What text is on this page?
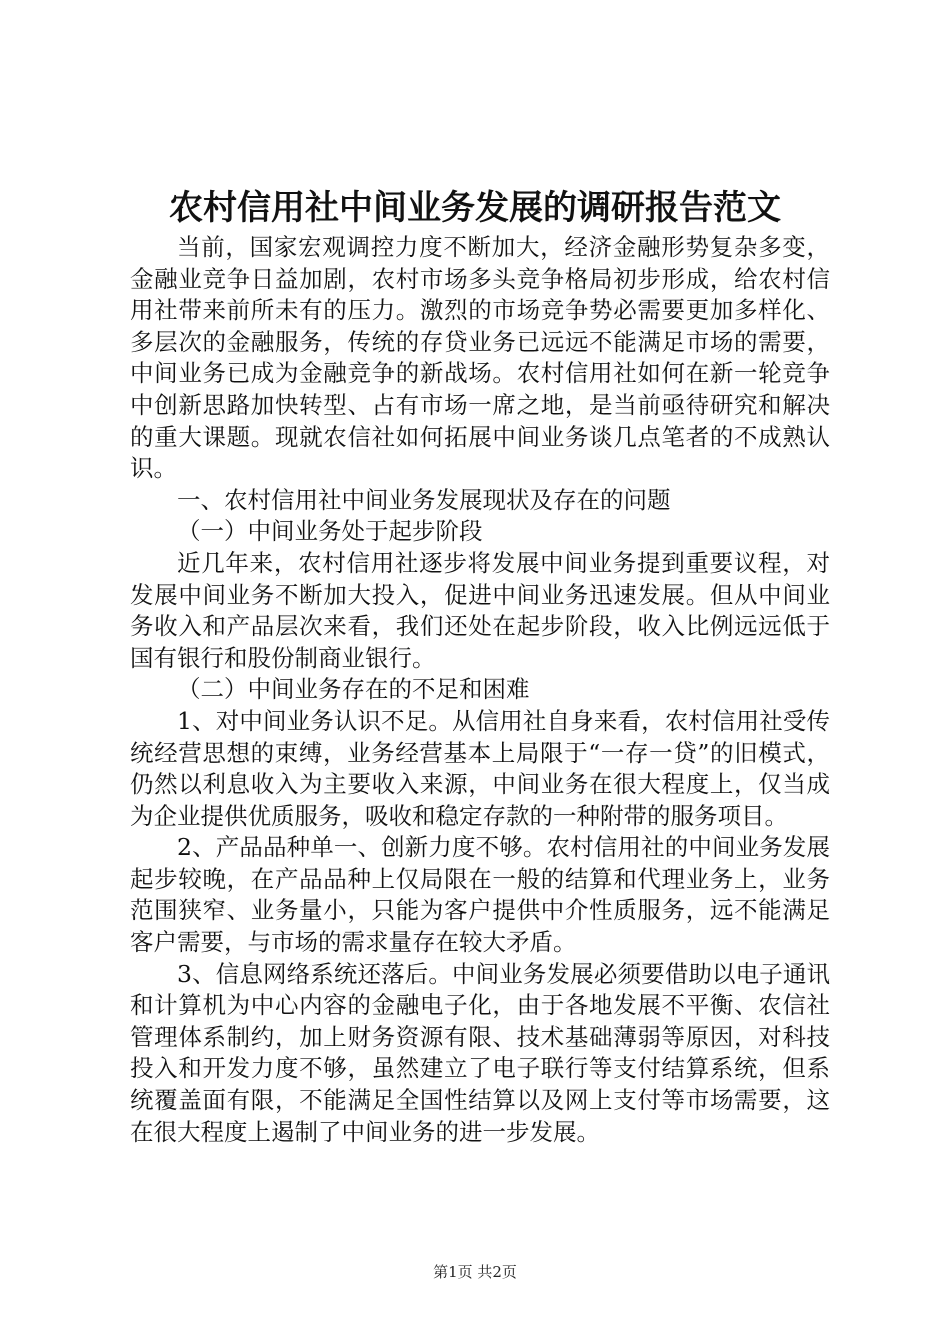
农村信用社中间业务发展的调研报告范文

当前，国家宏观调控力度不断加大，经济金融形势复杂多变，金融业竞争日益加剧，农村市场多头竞争格局初步形成，给农村信用社带来前所未有的压力。激烈的市场竞争势必需要更加多样化、多层次的金融服务，传统的存贷业务已远远不能满足市场的需要，中间业务已成为金融竞争的新战场。农村信用社如何在新一轮竞争中创新思路加快转型、占有市场一席之地，是当前亟待研究和解决的重大课题。现就农信社如何拓展中间业务谈几点笔者的不成熟认识。

一、农村信用社中间业务发展现状及存在的问题

（一）中间业务处于起步阶段

近几年来，农村信用社逐步将发展中间业务提到重要议程，对发展中间业务不断加大投入，促进中间业务迅速发展。但从中间业务收入和产品层次来看，我们还处在起步阶段，收入比例远远低于国有银行和股份制商业银行。

（二）中间业务存在的不足和困难

1、对中间业务认识不足。从信用社自身来看，农村信用社受传统经营思想的束缚，业务经营基本上局限于“一存一贷”的旧模式，仍然以利息收入为主要收入来源，中间业务在很大程度上，仅当成为企业提供优质服务，吸收和稳定存款的一种附带的服务项目。

2、产品品种单一、创新力度不够。农村信用社的中间业务发展起步较晚，在产品品种上仅局限在一般的结算和代理业务上，业务范围狭窄、业务量小，只能为客户提供中介性质服务，远不能满足客户需要，与市场的需求量存在较大矛盾。

3、信息网络系统还落后。中间业务发展必须要借助以电子通讯和计算机为中心内容的金融电子化，由于各地发展不平衡、农信社管理体系制约，加上财务资源有限、技术基础薄弱等原因，对科技投入和开发力度不够，虽然建立了电子联行等支付结算系统，但系统覆盖面有限，不能满足全国性结算以及网上支付等市场需要，这在很大程度上遏制了中间业务的进一步发展。

第1页 共2页
